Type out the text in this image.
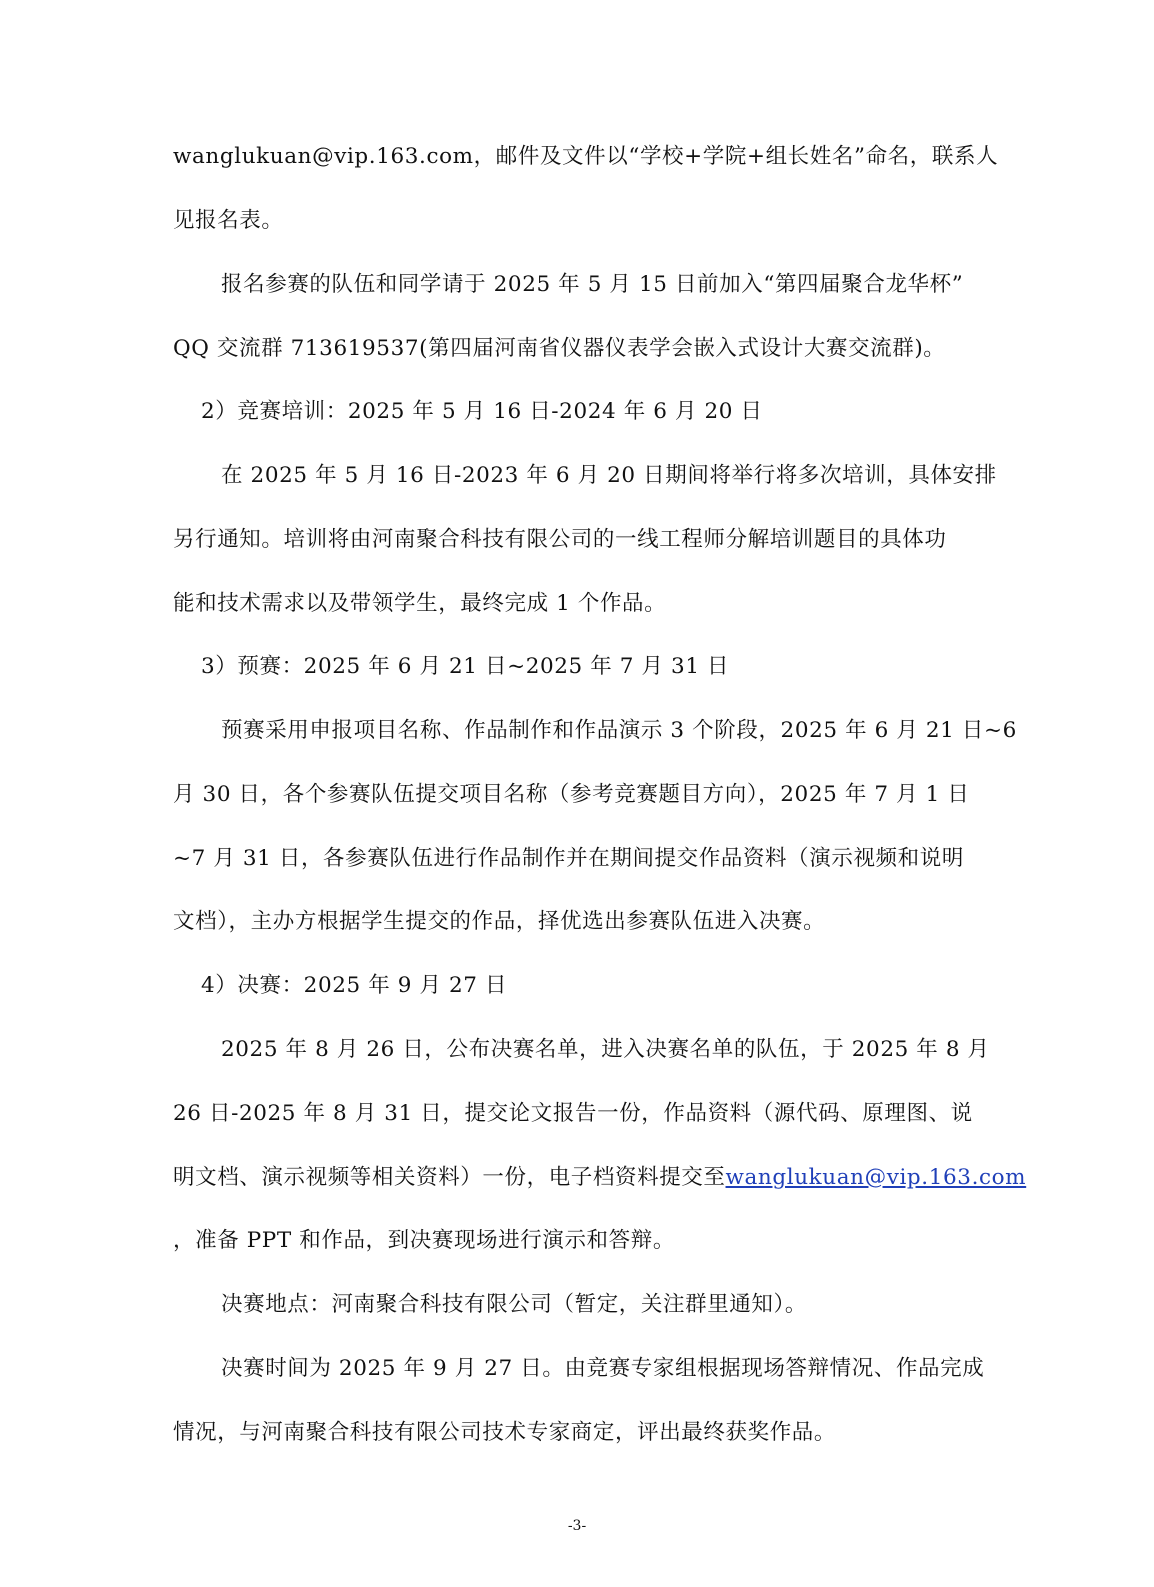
wanglukuan@vip.163.com，邮件及文件以“学校+学院+组长姓名”命名，联系人
见报名表。
报名参赛的队伍和同学请于 2025 年 5 月 15 日前加入“第四届聚合龙华杯”
QQ 交流群 713619537(第四届河南省仪器仪表学会嵌入式设计大赛交流群)。
2）竞赛培训：2025 年 5 月 16 日-2024 年 6 月 20 日
在 2025 年 5 月 16 日-2023 年 6 月 20 日期间将举行将多次培训，具体安排
另行通知。培训将由河南聚合科技有限公司的一线工程师分解培训题目的具体功
能和技术需求以及带领学生，最终完成 1 个作品。
3）预赛：2025 年 6 月 21 日~2025 年 7 月 31 日
预赛采用申报项目名称、作品制作和作品演示 3 个阶段，2025 年 6 月 21 日~6
月 30 日，各个参赛队伍提交项目名称（参考竞赛题目方向），2025 年 7 月 1 日
~7 月 31 日，各参赛队伍进行作品制作并在期间提交作品资料（演示视频和说明
文档），主办方根据学生提交的作品，择优选出参赛队伍进入决赛。
4）决赛：2025 年 9 月 27 日
2025 年 8 月 26 日，公布决赛名单，进入决赛名单的队伍，于 2025 年 8 月
26 日-2025 年 8 月 31 日，提交论文报告一份，作品资料（源代码、原理图、说
明文档、演示视频等相关资料）一份，电子档资料提交至wanglukuan@vip.163.com
，准备 PPT 和作品，到决赛现场进行演示和答辩。
决赛地点：河南聚合科技有限公司（暂定，关注群里通知）。
决赛时间为 2025 年 9 月 27 日。由竞赛专家组根据现场答辩情况、作品完成
情况，与河南聚合科技有限公司技术专家商定，评出最终获奖作品。
-3-
